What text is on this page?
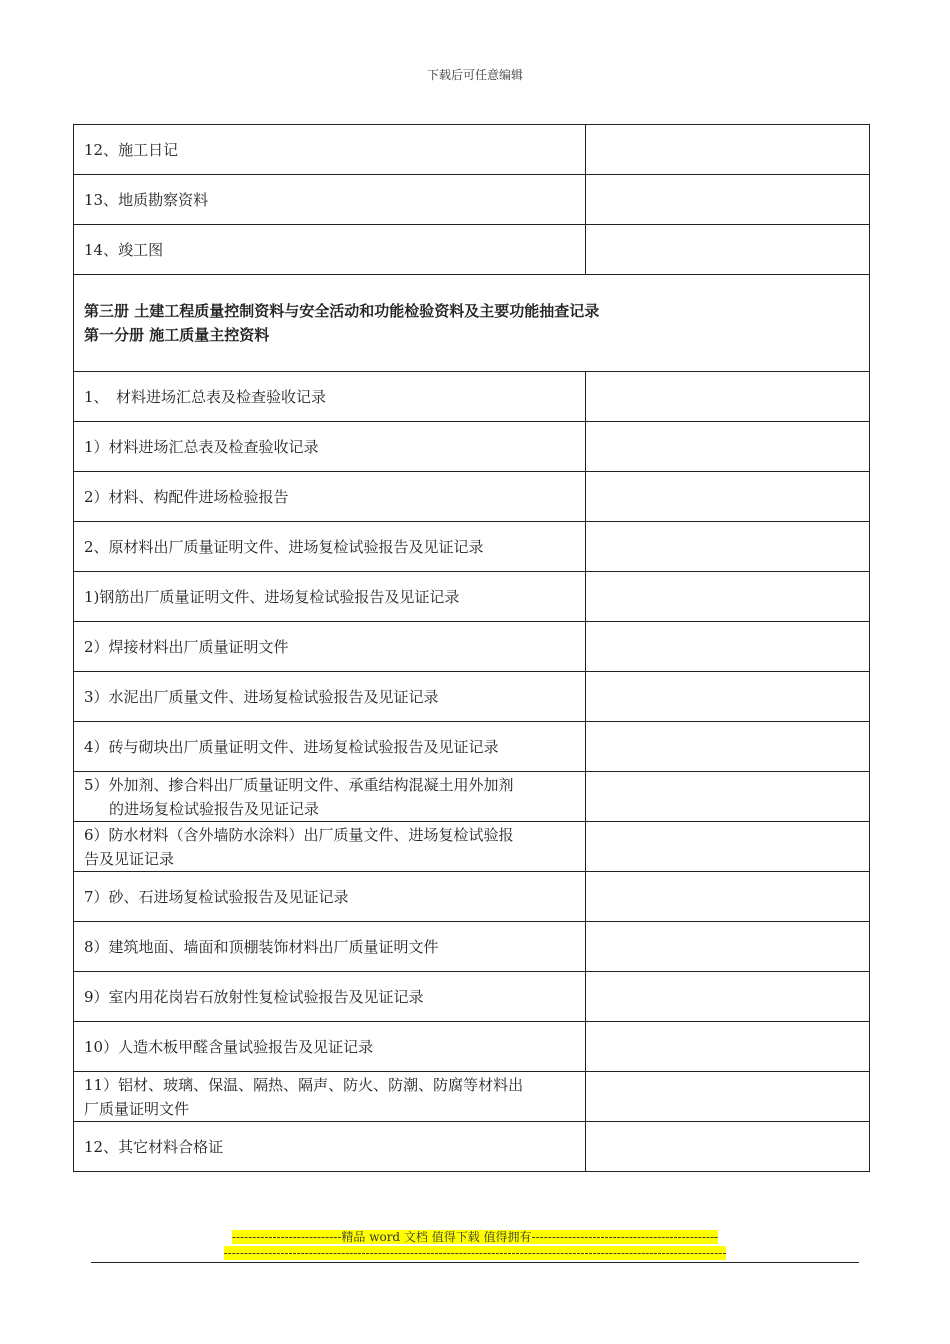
下载后可任意编辑
12、施工日记	
13、地质勘察资料	
14、竣工图	

第三册 土建工程质量控制资料与安全活动和功能检验资料及主要功能抽查记录
第一分册 施工质量主控资料	

1、　材料进场汇总表及检查验收记录	
1）材料进场汇总表及检查验收记录	
2）材料、构配件进场检验报告	
2、原材料出厂质量证明文件、进场复检试验报告及见证记录	
1)钢筋出厂质量证明文件、进场复检试验报告及见证记录	
2）焊接材料出厂质量证明文件	
3）水泥出厂质量文件、进场复检试验报告及见证记录	
4）砖与砌块出厂质量证明文件、进场复检试验报告及见证记录	

5）外加剂、掺合料出厂质量证明文件、承重结构混凝土用外加剂
的进场复检试验报告及见证记录	

6）防水材料（含外墙防水涂料）出厂质量文件、进场复检试验报
告及见证记录	

7）砂、石进场复检试验报告及见证记录	
8）建筑地面、墙面和顶棚装饰材料出厂质量证明文件	
9）室内用花岗岩石放射性复检试验报告及见证记录	
10）人造木板甲醛含量试验报告及见证记录	

11）铝材、玻璃、保温、隔热、隔声、防火、防潮、防腐等材料出
厂质量证明文件	

12、其它材料合格证	
---------------------------精品 word 文档 值得下载 值得拥有----------------------------------------------
----------------------------------------------------------------------------------------------------------------------------
